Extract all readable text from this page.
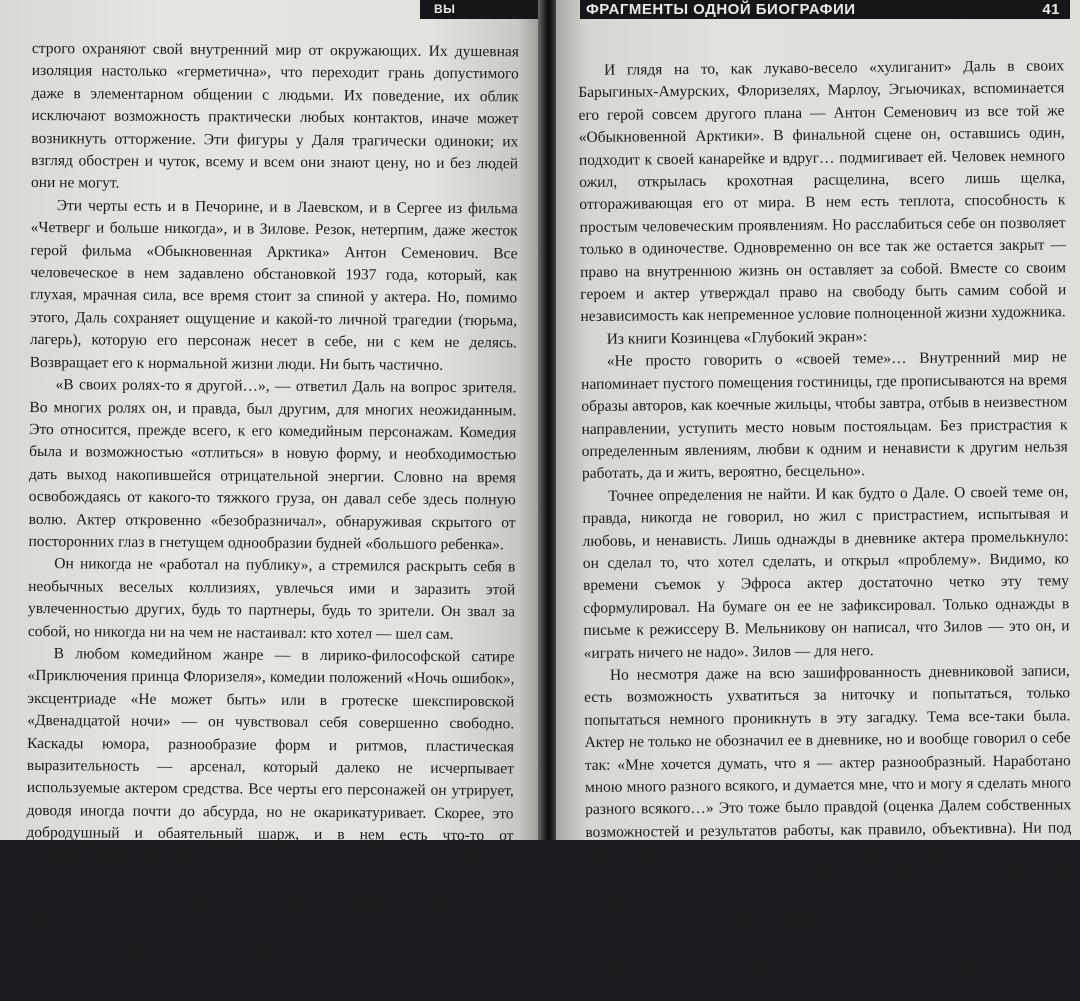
ВЫ

строго охраняют свой внутренний мир от окружающих. Их душевная изоляция настолько «герметична», что переходит грань допустимого даже в элементарном общении с людьми. Их поведение, их облик исключают возможность практически любых контактов, иначе может возникнуть отторжение. Эти фигуры у Даля трагически одиноки; их взгляд обострен и чуток, всему и всем они знают цену, но и без людей они не могут.

Эти черты есть и в Печорине, и в Лаевском, и в Сергее из фильма «Четверг и больше никогда», и в Зилове. Резок, нетерпим, даже жесток герой фильма «Обыкновенная Арктика» Антон Семенович. Все человеческое в нем задавлено обстановкой 1937 года, который, как глухая, мрачная сила, все время стоит за спиной у актера. Но, помимо этого, Даль сохраняет ощущение и какой-то личной трагедии (тюрьма, лагерь), которую его персонаж несет в себе, ни с кем не делясь. Возвращает его к нормальной жизни люди. Ни быть частично.

«В своих ролях-то я другой…», — ответил Даль на вопрос зрителя. Во многих ролях он, и правда, был другим, для многих неожиданным. Это относится, прежде всего, к его комедийным персонажам. Комедия была и возможностью «отлиться» в новую форму, и необходимостью дать выход накопившейся отрицательной энергии. Словно на время освобождаясь от какого-то тяжкого груза, он давал себе здесь полную волю. Актер откровенно «безобразничал», обнаруживая скрытого от посторонних глаз в гнетущем однообразии будней «большого ребенка».

Он никогда не «работал на публику», а стремился раскрыть себя в необычных веселых коллизиях, увлечься ими и заразить этой увлеченностью других, будь то партнеры, будь то зрители. Он звал за собой, но никогда ни на чем не настаивал: кто хотел — шел сам.

В любом комедийном жанре — в лирико-философской сатире «Приключения принца Флоризеля», комедии положений «Ночь ошибок», эксцентриаде «Не может быть» или в гротеске шекспировской «Двенадцатой ночи» — он чувствовал себя совершенно свободно. Каскады юмора, разнообразие форм и ритмов, пластическая выразительность — арсенал, который далеко не исчерпывает используемые актером средства. Все черты его персонажей он утрирует, доводя иногда почти до абсурда, но не окарикатуривает. Скорее, это добродушный и обаятельный шарж, и в нем есть что-то от великодушной серьезности, с которой взрослые порой относятся к ребенку.

В этот свой мир, талантливый мир театрализованного представления, Олег Даль пускал всех настолько же охотно, насколько непреклонно закрывал мир своих сокровенных мыслей и чувств.

ФРАГМЕНТЫ ОДНОЙ БИОГРАФИИ	41

И глядя на то, как лукаво-весело «хулиганит» Даль в своих Барыгиных-Амурских, Флоризелях, Марлоу, Эгьючиках, вспоминается его герой совсем другого плана — Антон Семенович из все той же «Обыкновенной Арктики». В финальной сцене он, оставшись один, подходит к своей канарейке и вдруг… подмигивает ей. Человек немного ожил, открылась крохотная расщелина, всего лишь щелка, отгораживающая его от мира. В нем есть теплота, способность к простым человеческим проявлениям. Но расслабиться себе он позволяет только в одиночестве. Одновременно он все так же остается закрыт — право на внутреннюю жизнь он оставляет за собой. Вместе со своим героем и актер утверждал право на свободу быть самим собой и независимость как непременное условие полноценной жизни художника.

Из книги Козинцева «Глубокий экран»:

«Не просто говорить о «своей теме»… Внутренний мир не напоминает пустого помещения гостиницы, где прописываются на время образы авторов, как коечные жильцы, чтобы завтра, отбыв в неизвестном направлении, уступить место новым постояльцам. Без пристрастия к определенным явлениям, любви к одним и ненависти к другим нельзя работать, да и жить, вероятно, бесцельно».

Точнее определения не найти. И как будто о Дале. О своей теме он, правда, никогда не говорил, но жил с пристрастием, испытывая и любовь, и ненависть. Лишь однажды в дневнике актера промелькнуло: он сделал то, что хотел сделать, и открыл «проблему». Видимо, ко времени съемок у Эфроса актер достаточно четко эту тему сформулировал. На бумаге он ее не зафиксировал. Только однажды в письме к режиссеру В. Мельникову он написал, что Зилов — это он, и «играть ничего не надо». Зилов — для него.

Но несмотря даже на всю зашифрованность дневниковой записи, есть возможность ухватиться за ниточку и попытаться, только попытаться немного проникнуть в эту загадку. Тема все-таки была. Актер не только не обозначил ее в дневнике, но и вообще говорил о себе так: «Мне хочется думать, что я — актер разнообразный. Наработано мною много разного всякого, и думается мне, что и могу я сделать много разного всякого…» Это тоже было правдой (оценка Далем собственных возможностей и результатов работы, как правило, объективна). Ни под какие традиционные каноны его талант подвести нельзя. Более того, он сам эти каноны ломал, меняя привычные представления об актерском самовыражении (недаром многие причисляли его то к одной, то к другой театральной школе), меняя и представления о жанрах.

Даль мог свободно работать в любом из них. Но он повторял: «Чистых жанров не бывает», — и сплавлял в одном образе вещи самые раз-
